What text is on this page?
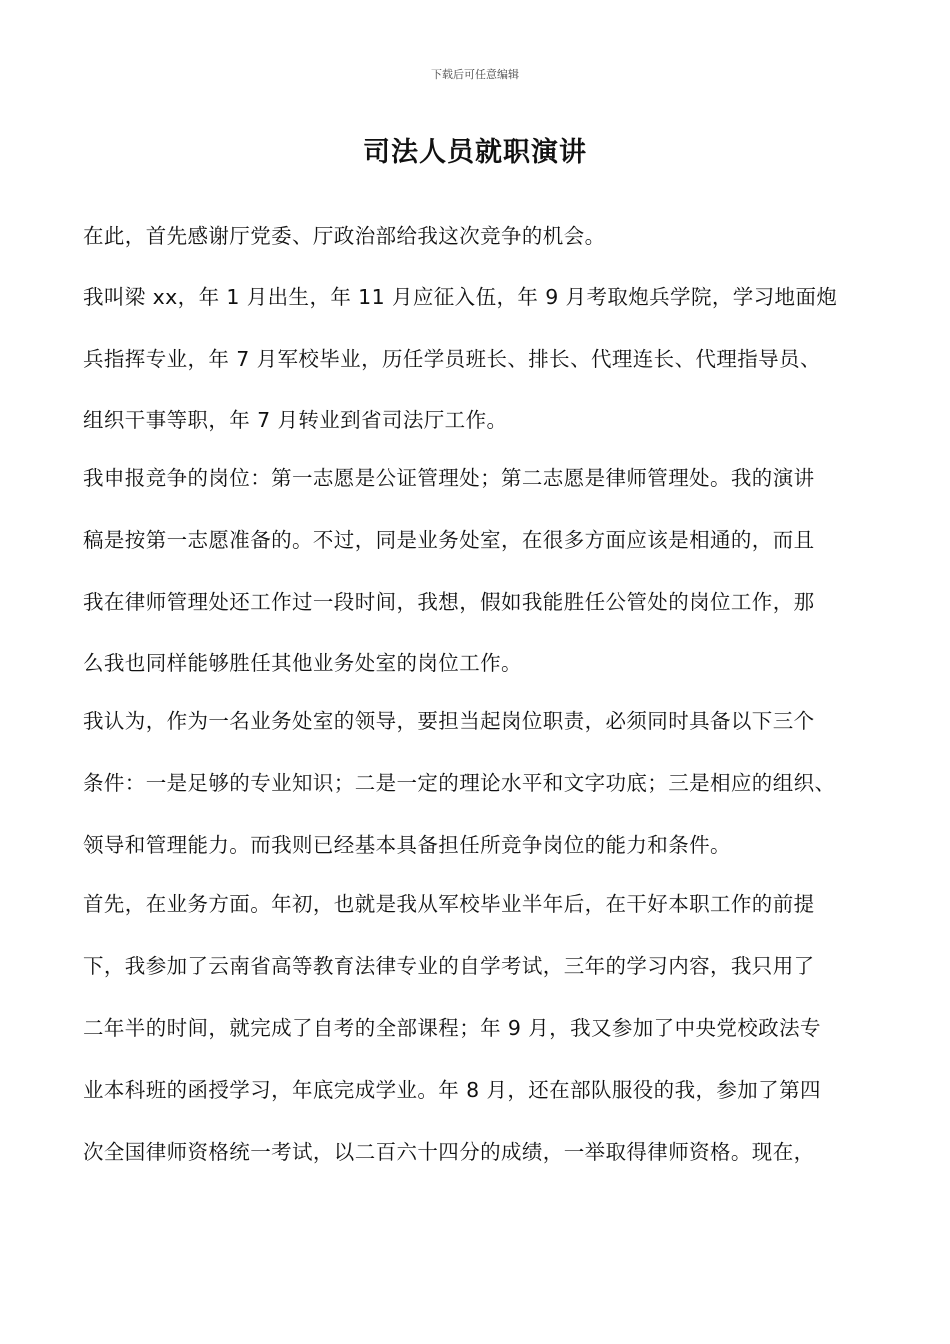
下载后可任意编辑
司法人员就职演讲
在此，首先感谢厅党委、厅政治部给我这次竞争的机会。
我叫梁 xx，年 1 月出生，年 11 月应征入伍，年 9 月考取炮兵学院，学习地面炮
兵指挥专业，年 7 月军校毕业，历任学员班长、排长、代理连长、代理指导员、
组织干事等职，年 7 月转业到省司法厅工作。
我申报竞争的岗位：第一志愿是公证管理处；第二志愿是律师管理处。我的演讲
稿是按第一志愿准备的。不过，同是业务处室，在很多方面应该是相通的，而且
我在律师管理处还工作过一段时间，我想，假如我能胜任公管处的岗位工作，那
么我也同样能够胜任其他业务处室的岗位工作。
我认为，作为一名业务处室的领导，要担当起岗位职责，必须同时具备以下三个
条件：一是足够的专业知识；二是一定的理论水平和文字功底；三是相应的组织、
领导和管理能力。而我则已经基本具备担任所竞争岗位的能力和条件。
首先，在业务方面。年初，也就是我从军校毕业半年后，在干好本职工作的前提
下，我参加了云南省高等教育法律专业的自学考试，三年的学习内容，我只用了
二年半的时间，就完成了自考的全部课程；年 9 月，我又参加了中央党校政法专
业本科班的函授学习，年底完成学业。年 8 月，还在部队服役的我，参加了第四
次全国律师资格统一考试，以二百六十四分的成绩，一举取得律师资格。现在，
